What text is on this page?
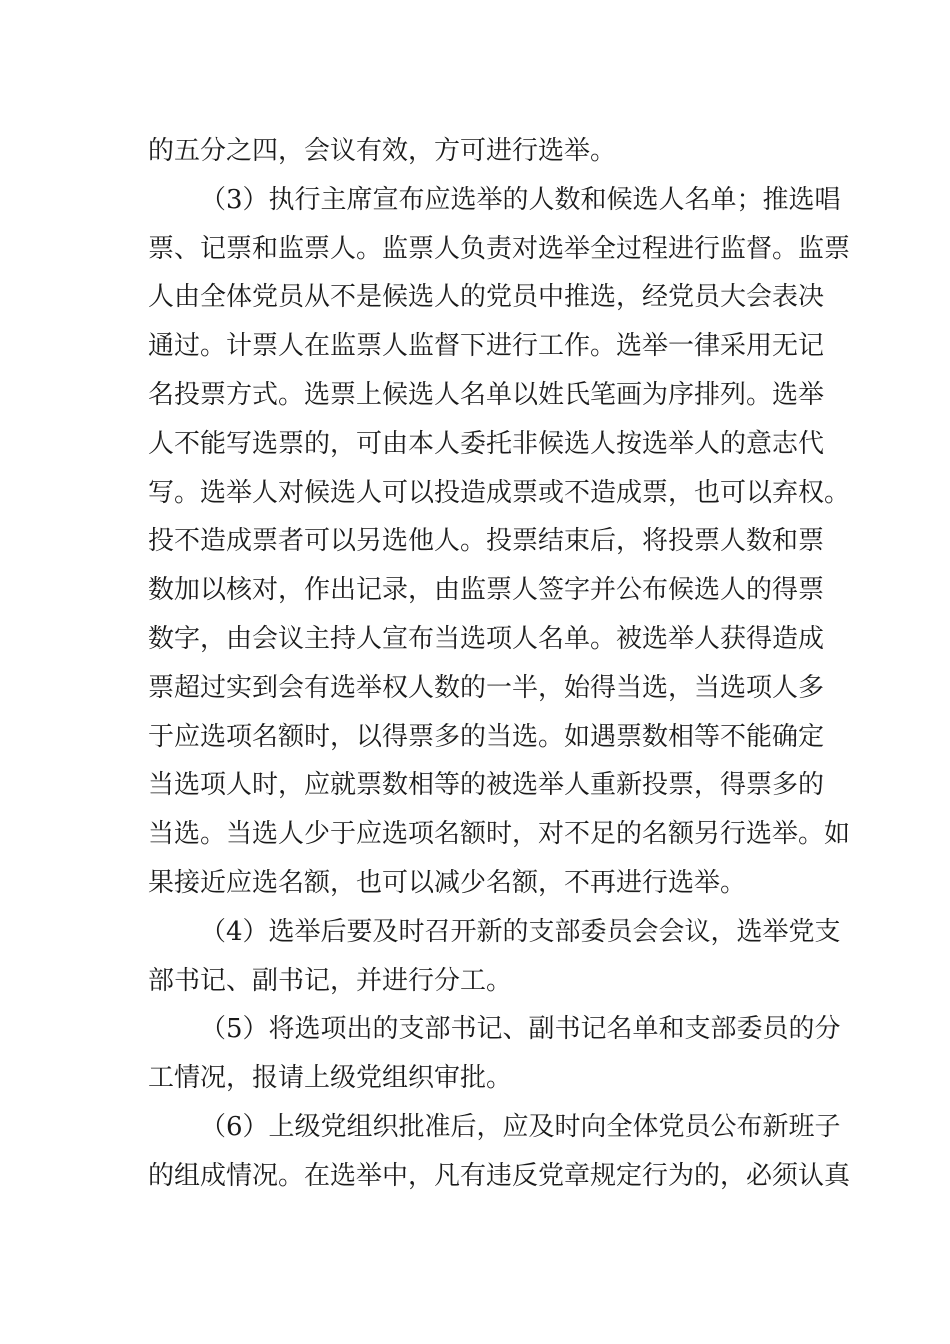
的五分之四，会议有效，方可进行选举。
（3）执行主席宣布应选举的人数和候选人名单；推选唱
票、记票和监票人。监票人负责对选举全过程进行监督。监票
人由全体党员从不是候选人的党员中推选，经党员大会表决
通过。计票人在监票人监督下进行工作。选举一律采用无记
名投票方式。选票上候选人名单以姓氏笔画为序排列。选举
人不能写选票的，可由本人委托非候选人按选举人的意志代
写。选举人对候选人可以投造成票或不造成票，也可以弃权。
投不造成票者可以另选他人。投票结束后，将投票人数和票
数加以核对，作出记录，由监票人签字并公布候选人的得票
数字，由会议主持人宣布当选项人名单。被选举人获得造成
票超过实到会有选举权人数的一半，始得当选，当选项人多
于应选项名额时，以得票多的当选。如遇票数相等不能确定
当选项人时，应就票数相等的被选举人重新投票，得票多的
当选。当选人少于应选项名额时，对不足的名额另行选举。如
果接近应选名额，也可以减少名额，不再进行选举。
（4）选举后要及时召开新的支部委员会会议，选举党支
部书记、副书记，并进行分工。
（5）将选项出的支部书记、副书记名单和支部委员的分
工情况，报请上级党组织审批。
（6）上级党组织批准后，应及时向全体党员公布新班子
的组成情况。在选举中，凡有违反党章规定行为的，必须认真
